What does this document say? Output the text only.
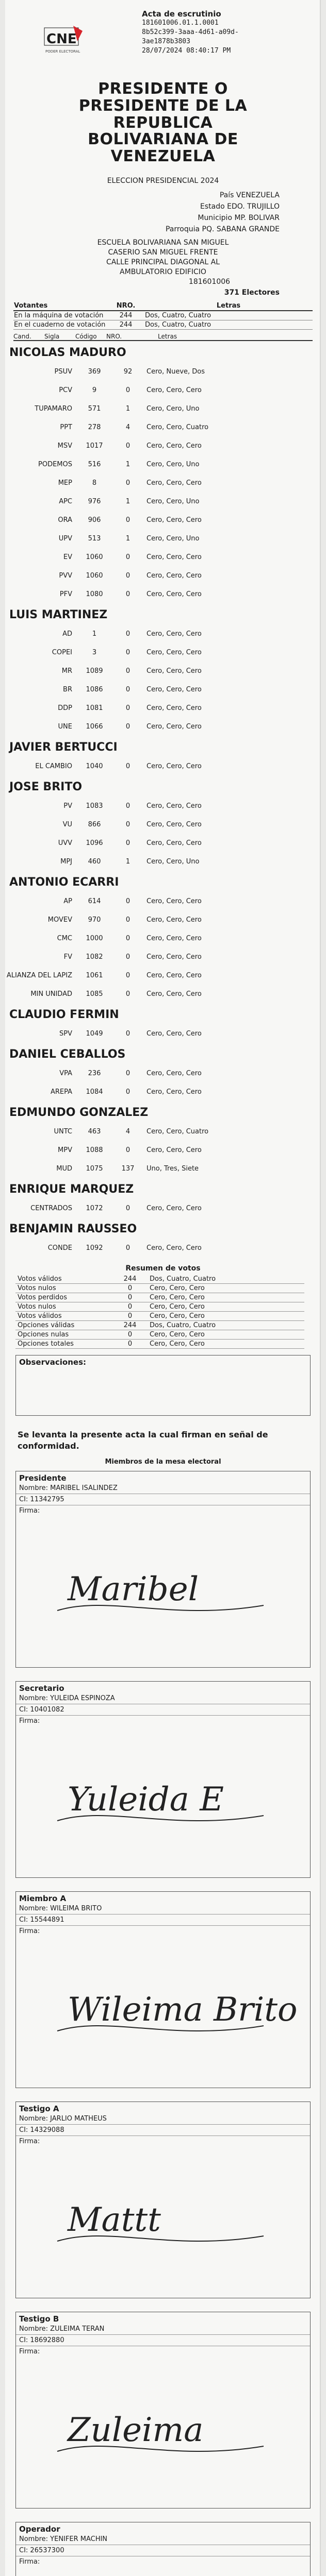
CNE
PODER ELECTORAL
Acta de escrutinio
181601006.01.1.0001
8b52c399-3aaa-4d61-a09d-
3ae1878b3803
28/07/2024 08:40:17 PM
PRESIDENTE O
PRESIDENTE DE LA
REPUBLICA
BOLIVARIANA DE
VENEZUELA
ELECCION PRESIDENCIAL 2024
País VENEZUELA
Estado EDO. TRUJILLO
Municipio MP. BOLIVAR
Parroquia PQ. SABANA GRANDE
ESCUELA BOLIVARIANA SAN MIGUEL
CASERIO SAN MIGUEL FRENTE
CALLE PRINCIPAL DIAGONAL AL
AMBULATORIO EDIFICIO
181601006
371 Electores
Votantes	NRO.	Letras
En la máquina de votación	244	Dos, Cuatro, Cuatro
En el cuaderno de votación	244	Dos, Cuatro, Cuatro
Cand.	Sigla	Código	NRO.	Letras
NICOLAS MADURO
PSUV	369	92	Cero, Nueve, Dos
PCV	9	0	Cero, Cero, Cero
TUPAMARO	571	1	Cero, Cero, Uno
PPT	278	4	Cero, Cero, Cuatro
MSV	1017	0	Cero, Cero, Cero
PODEMOS	516	1	Cero, Cero, Uno
MEP	8	0	Cero, Cero, Cero
APC	976	1	Cero, Cero, Uno
ORA	906	0	Cero, Cero, Cero
UPV	513	1	Cero, Cero, Uno
EV	1060	0	Cero, Cero, Cero
PVV	1060	0	Cero, Cero, Cero
PFV	1080	0	Cero, Cero, Cero
LUIS MARTINEZ
AD	1	0	Cero, Cero, Cero
COPEI	3	0	Cero, Cero, Cero
MR	1089	0	Cero, Cero, Cero
BR	1086	0	Cero, Cero, Cero
DDP	1081	0	Cero, Cero, Cero
UNE	1066	0	Cero, Cero, Cero
JAVIER BERTUCCI
EL CAMBIO	1040	0	Cero, Cero, Cero
JOSE BRITO
PV	1083	0	Cero, Cero, Cero
VU	866	0	Cero, Cero, Cero
UVV	1096	0	Cero, Cero, Cero
MPJ	460	1	Cero, Cero, Uno
ANTONIO ECARRI
AP	614	0	Cero, Cero, Cero
MOVEV	970	0	Cero, Cero, Cero
CMC	1000	0	Cero, Cero, Cero
FV	1082	0	Cero, Cero, Cero
ALIANZA DEL LAPIZ	1061	0	Cero, Cero, Cero
MIN UNIDAD	1085	0	Cero, Cero, Cero
CLAUDIO FERMIN
SPV	1049	0	Cero, Cero, Cero
DANIEL CEBALLOS
VPA	236	0	Cero, Cero, Cero
AREPA	1084	0	Cero, Cero, Cero
EDMUNDO GONZALEZ
UNTC	463	4	Cero, Cero, Cuatro
MPV	1088	0	Cero, Cero, Cero
MUD	1075	137	Uno, Tres, Siete
ENRIQUE MARQUEZ
CENTRADOS	1072	0	Cero, Cero, Cero
BENJAMIN RAUSSEO
CONDE	1092	0	Cero, Cero, Cero
Resumen de votos
Votos válidos	244	Dos, Cuatro, Cuatro
Votos nulos	0	Cero, Cero, Cero
Votos perdidos	0	Cero, Cero, Cero
Votos nulos	0	Cero, Cero, Cero
Votos válidos	0	Cero, Cero, Cero
Opciones válidas	244	Dos, Cuatro, Cuatro
Opciones nulas	0	Cero, Cero, Cero
Opciones totales	0	Cero, Cero, Cero
Observaciones:
Se levanta la presente acta la cual firman en señal de conformidad.
Miembros de la mesa electoral
Presidente
Nombre: MARIBEL ISALINDEZ
CI: 11342795
Firma:
Maribel
Secretario
Nombre: YULEIDA ESPINOZA
CI: 10401082
Firma:
Yuleida E
Miembro A
Nombre: WILEIMA BRITO
CI: 15544891
Firma:
Wileima Brito
Testigo A
Nombre: JARLIO MATHEUS
CI: 14329088
Firma:
Mattt
Testigo B
Nombre: ZULEIMA TERAN
CI: 18692880
Firma:
Zuleima
Operador
Nombre: YENIFER MACHIN
CI: 26537300
Firma:
